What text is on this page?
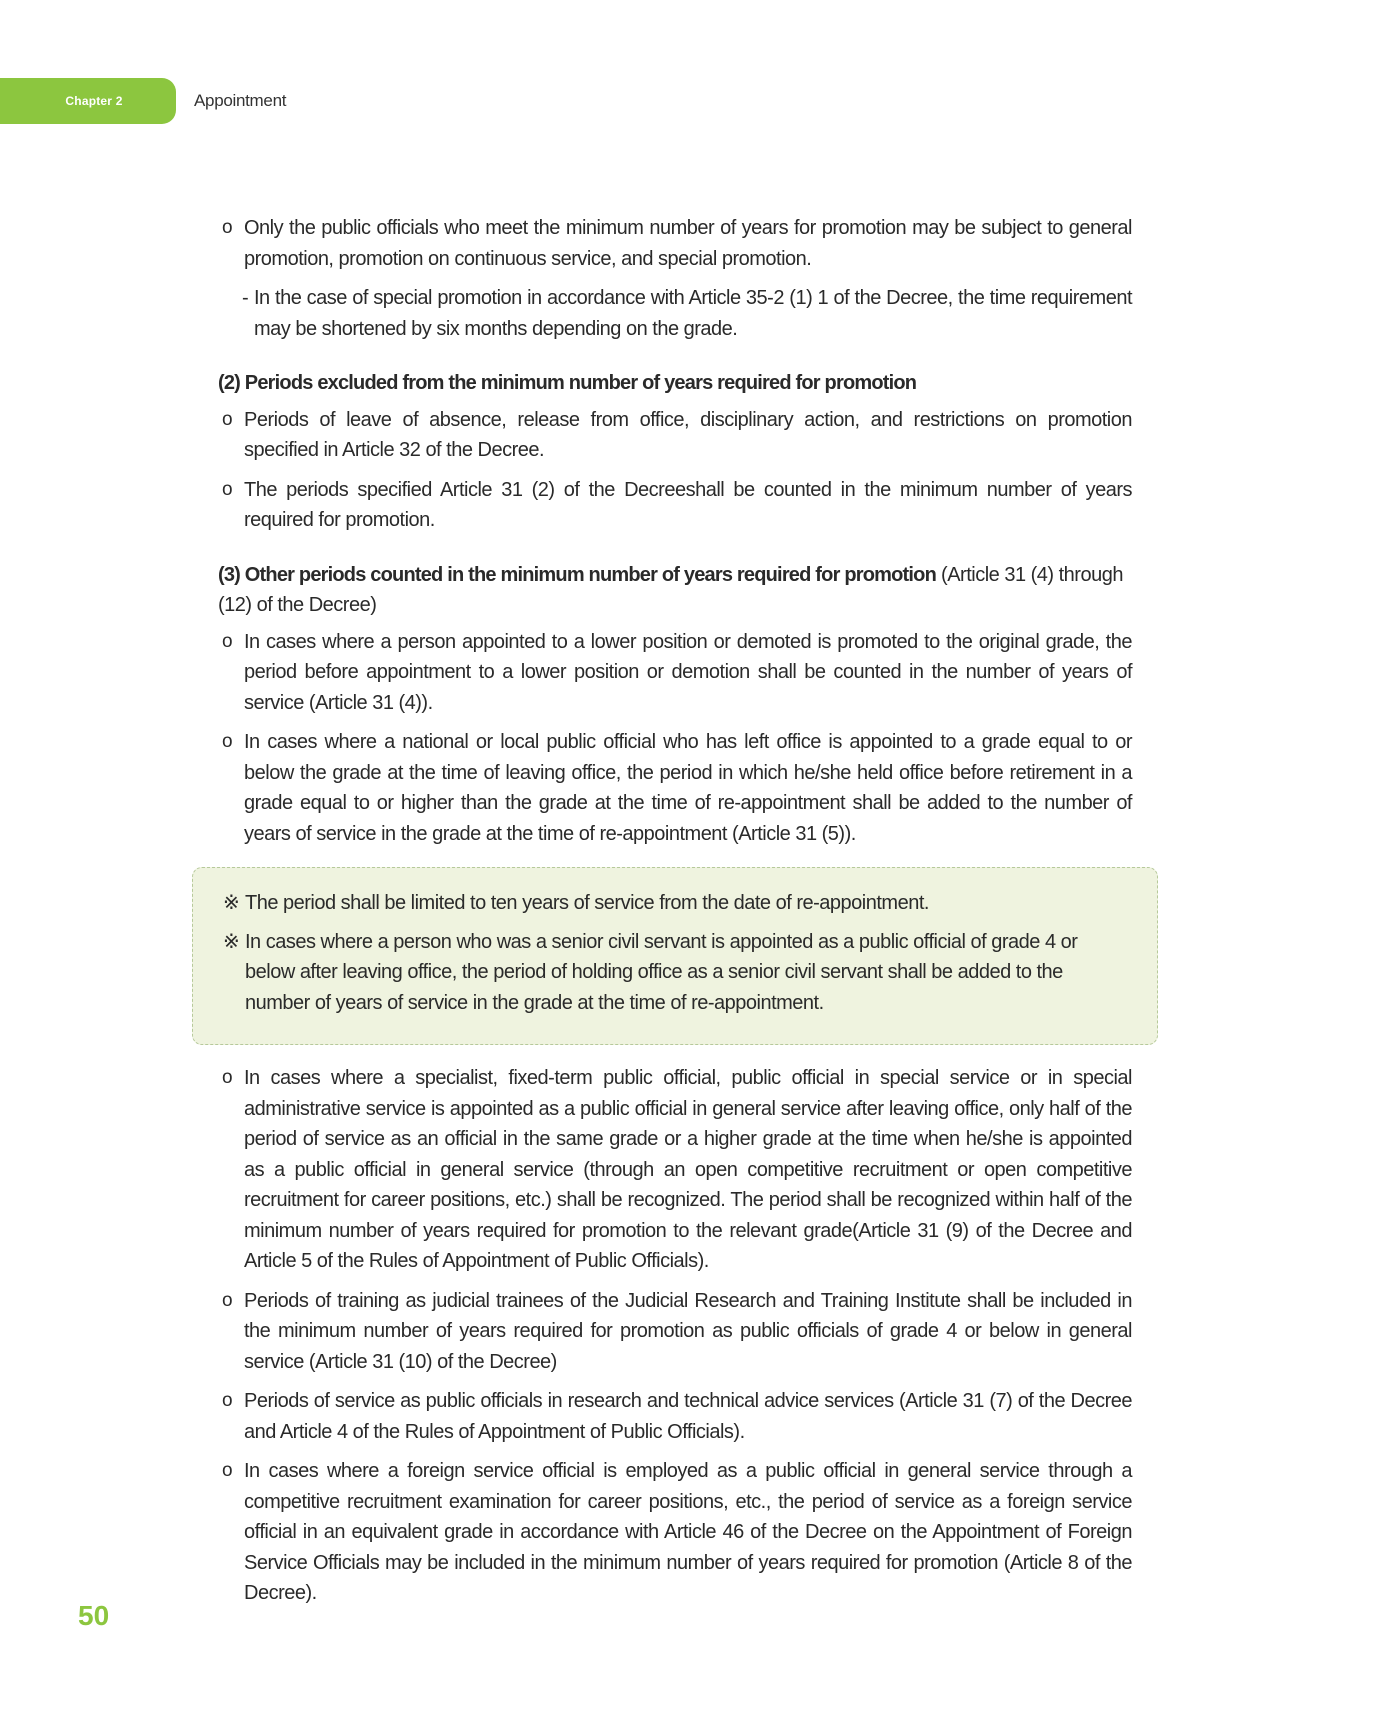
Chapter 2	Appointment
o Only the public officials who meet the minimum number of years for promotion may be subject to general promotion, promotion on continuous service, and special promotion.
- In the case of special promotion in accordance with Article 35-2 (1) 1 of the Decree, the time requirement may be shortened by six months depending on the grade.
(2) Periods excluded from the minimum number of years required for promotion
o Periods of leave of absence, release from office, disciplinary action, and restrictions on promotion specified in Article 32 of the Decree.
o The periods specified Article 31 (2) of the Decreeshall be counted in the minimum number of years required for promotion.
(3) Other periods counted in the minimum number of years required for promotion (Article 31 (4) through (12) of the Decree)
o In cases where a person appointed to a lower position or demoted is promoted to the original grade, the period before appointment to a lower position or demotion shall be counted in the number of years of service (Article 31 (4)).
o In cases where a national or local public official who has left office is appointed to a grade equal to or below the grade at the time of leaving office, the period in which he/she held office before retirement in a grade equal to or higher than the grade at the time of re-appointment shall be added to the number of years of service in the grade at the time of re-appointment (Article 31 (5)).
※ The period shall be limited to ten years of service from the date of re-appointment.
※ In cases where a person who was a senior civil servant is appointed as a public official of grade 4 or below after leaving office, the period of holding office as a senior civil servant shall be added to the number of years of service in the grade at the time of re-appointment.
o In cases where a specialist, fixed-term public official, public official in special service or in special administrative service is appointed as a public official in general service after leaving office, only half of the period of service as an official in the same grade or a higher grade at the time when he/she is appointed as a public official in general service (through an open competitive recruitment or open competitive recruitment for career positions, etc.) shall be recognized. The period shall be recognized within half of the minimum number of years required for promotion to the relevant grade(Article 31 (9) of the Decree and Article 5 of the Rules of Appointment of Public Officials).
o Periods of training as judicial trainees of the Judicial Research and Training Institute shall be included in the minimum number of years required for promotion as public officials of grade 4 or below in general service (Article 31 (10) of the Decree)
o Periods of service as public officials in research and technical advice services (Article 31 (7) of the Decree and Article 4 of the Rules of Appointment of Public Officials).
o In cases where a foreign service official is employed as a public official in general service through a competitive recruitment examination for career positions, etc., the period of service as a foreign service official in an equivalent grade in accordance with Article 46 of the Decree on the Appointment of Foreign Service Officials may be included in the minimum number of years required for promotion (Article 8 of the Decree).
50
